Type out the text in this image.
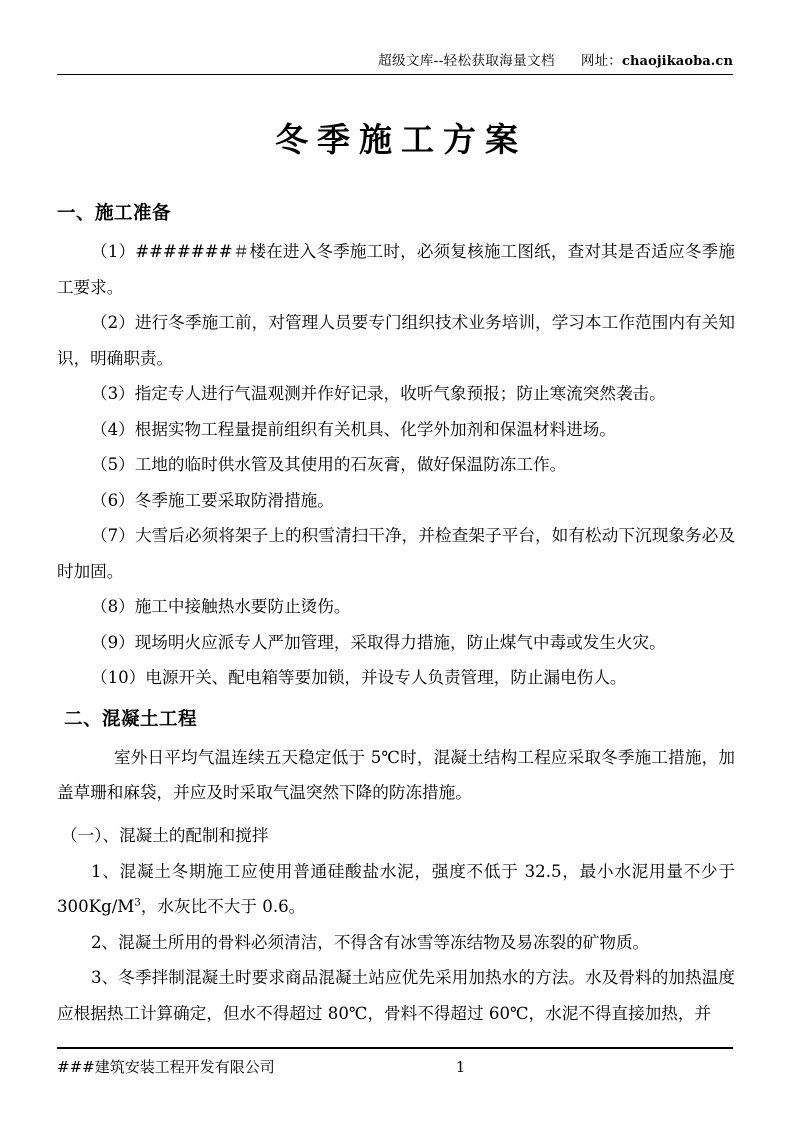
超级文库--轻松获取海量文档 网址： chaojikaoba.cn
冬季施工方案
一、施工准备

（1）#######＃楼在进入冬季施工时，必须复核施工图纸，查对其是否适应冬季施工要求。

（2）进行冬季施工前，对管理人员要专门组织技术业务培训，学习本工作范围内有关知识，明确职责。

（3）指定专人进行气温观测并作好记录，收听气象预报；防止寒流突然袭击。

（4）根据实物工程量提前组织有关机具、化学外加剂和保温材料进场。

（5）工地的临时供水管及其使用的石灰膏，做好保温防冻工作。

（6）冬季施工要采取防滑措施。

（7）大雪后必须将架子上的积雪清扫干净，并检查架子平台，如有松动下沉现象务必及时加固。

（8）施工中接触热水要防止烫伤。

（9）现场明火应派专人严加管理，采取得力措施，防止煤气中毒或发生火灾。

（10）电源开关、配电箱等要加锁，并设专人负责管理，防止漏电伤人。

二、混凝土工程

室外日平均气温连续五天稳定低于 5℃时，混凝土结构工程应采取冬季施工措施，加盖草珊和麻袋，并应及时采取气温突然下降的防冻措施。

（一）、混凝土的配制和搅拌

1、混凝土冬期施工应使用普通硅酸盐水泥，强度不低于 32.5，最小水泥用量不少于 $300Kg/M^3$，水灰比不大于 0.6。

2、混凝土所用的骨料必须清洁，不得含有冰雪等冻结物及易冻裂的矿物质。

3、冬季拌制混凝土时要求商品混凝土站应优先采用加热水的方法。水及骨料的加热温度应根据热工计算确定，但水不得超过 80℃，骨料不得超过 60℃，水泥不得直接加热，并

###建筑安装工程开发有限公司	1
